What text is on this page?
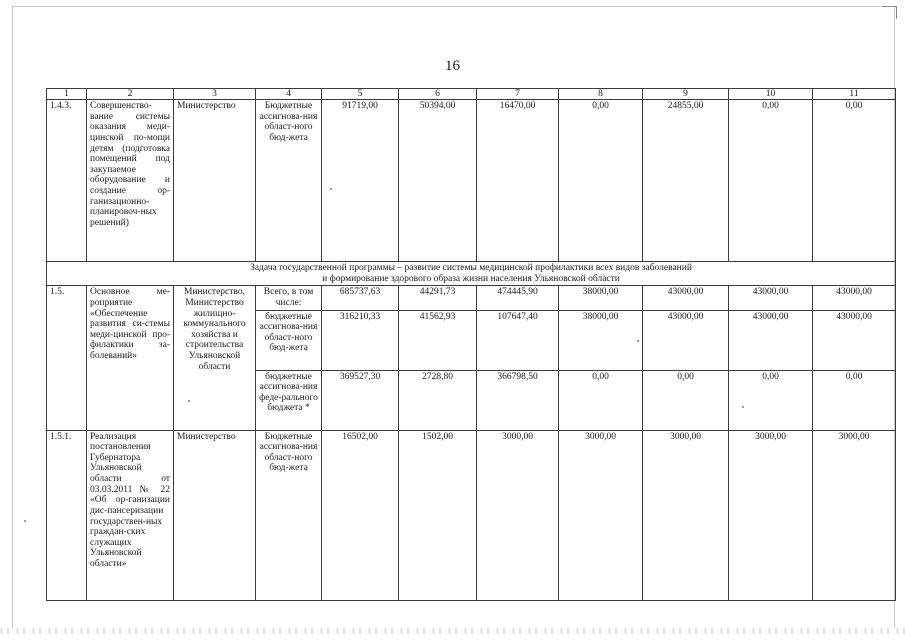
16
1	2	3	4	5	6	7	8	9	10	11
1.4.3.	Совершенство-вание системы оказания меди-цинской по-мощи детям (подготовка помещений под закупаемое оборудование и создание ор-ганизационно-планировоч-ных решений)	Министерство	Бюджетные ассигнова-ния област-ного бюд-жета	91719,00	50394,00	16470,00	0,00	24855,00	0,00	0,00

Задача государственной программы – развитие системы медицинской профилактики всех видов заболеваний
и формирование здорового образа жизни населения Ульяновской области										

1.5.	Основное ме-роприятие «Обеспечение развития си-стемы меди-цинской про-филактики за-болеваний»	Министерство, Министерство жилищно-коммунального хозяйства и строительства Ульяновской области	Всего, в том числе:	685737,63	44291,73	474445,90	38000,00	43000,00	43000,00	43000,00
			бюджетные ассигнова-ния област-ного бюд-жета	316210,33	41562,93	107647,40	38000,00	43000,00	43000,00	43000,00
			бюджетные ассигнова-ния феде-рального бюджета *	369527,30	2728,80	366798,50	0,00	0,00	0,00	0,00
1.5.1.	Реализация постановления Губернатора Ульяновской области от 03.03.2011 № 22 «Об ор-ганизации дис-пансеризации государствен-ных граждан-ских служащих Ульяновской области»	Министерство	Бюджетные ассигнова-ния област-ного бюд-жета	16502,00	1502,00	3000,00	3000,00	3000,00	3000,00	3000,00
